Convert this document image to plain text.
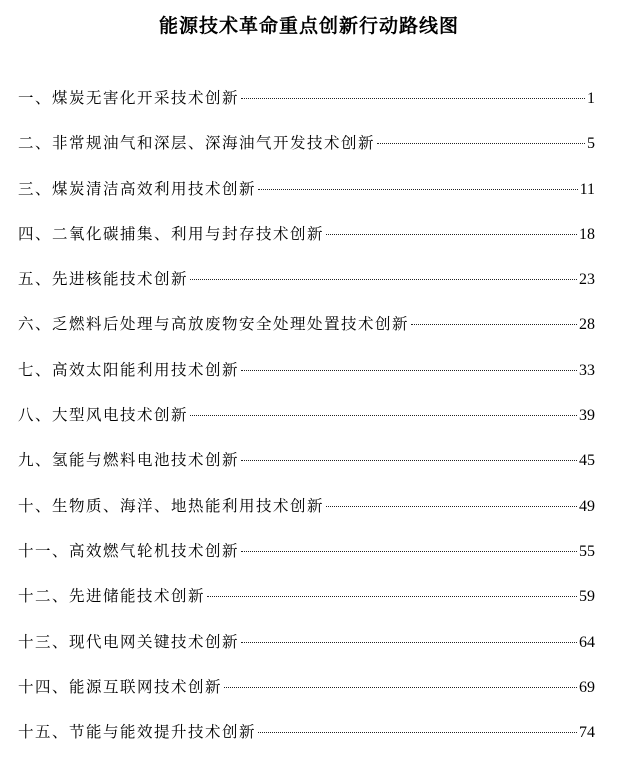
能源技术革命重点创新行动路线图
一、煤炭无害化开采技术创新	1
二、非常规油气和深层、深海油气开发技术创新	5
三、煤炭清洁高效利用技术创新	11
四、二氧化碳捕集、利用与封存技术创新	18
五、先进核能技术创新	23
六、乏燃料后处理与高放废物安全处理处置技术创新	28
七、高效太阳能利用技术创新	33
八、大型风电技术创新	39
九、氢能与燃料电池技术创新	45
十、生物质、海洋、地热能利用技术创新	49
十一、高效燃气轮机技术创新	55
十二、先进储能技术创新	59
十三、现代电网关键技术创新	64
十四、能源互联网技术创新	69
十五、节能与能效提升技术创新	74
